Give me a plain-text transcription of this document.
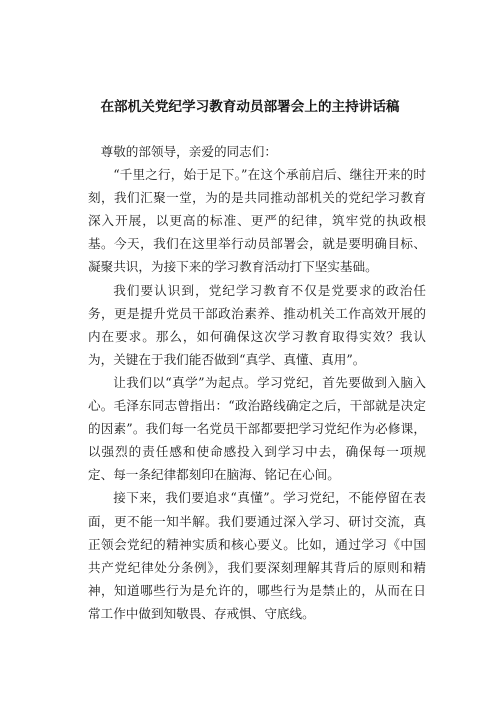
在部机关党纪学习教育动员部署会上的主持讲话稿

尊敬的部领导，亲爱的同志们：

“千里之行，始于足下。”在这个承前启后、继往开来的时刻，我们汇聚一堂，为的是共同推动部机关的党纪学习教育深入开展，以更高的标准、更严的纪律，筑牢党的执政根基。今天，我们在这里举行动员部署会，就是要明确目标、凝聚共识，为接下来的学习教育活动打下坚实基础。

我们要认识到，党纪学习教育不仅是党要求的政治任务，更是提升党员干部政治素养、推动机关工作高效开展的内在要求。那么，如何确保这次学习教育取得实效？我认为，关键在于我们能否做到“真学、真懂、真用”。

让我们以“真学”为起点。学习党纪，首先要做到入脑入心。毛泽东同志曾指出：“政治路线确定之后，干部就是决定的因素”。我们每一名党员干部都要把学习党纪作为必修课，以强烈的责任感和使命感投入到学习中去，确保每一项规定、每一条纪律都刻印在脑海、铭记在心间。

接下来，我们要追求“真懂”。学习党纪，不能停留在表面，更不能一知半解。我们要通过深入学习、研讨交流，真正领会党纪的精神实质和核心要义。比如，通过学习《中国共产党纪律处分条例》，我们要深刻理解其背后的原则和精神，知道哪些行为是允许的，哪些行为是禁止的，从而在日常工作中做到知敬畏、存戒惧、守底线。
